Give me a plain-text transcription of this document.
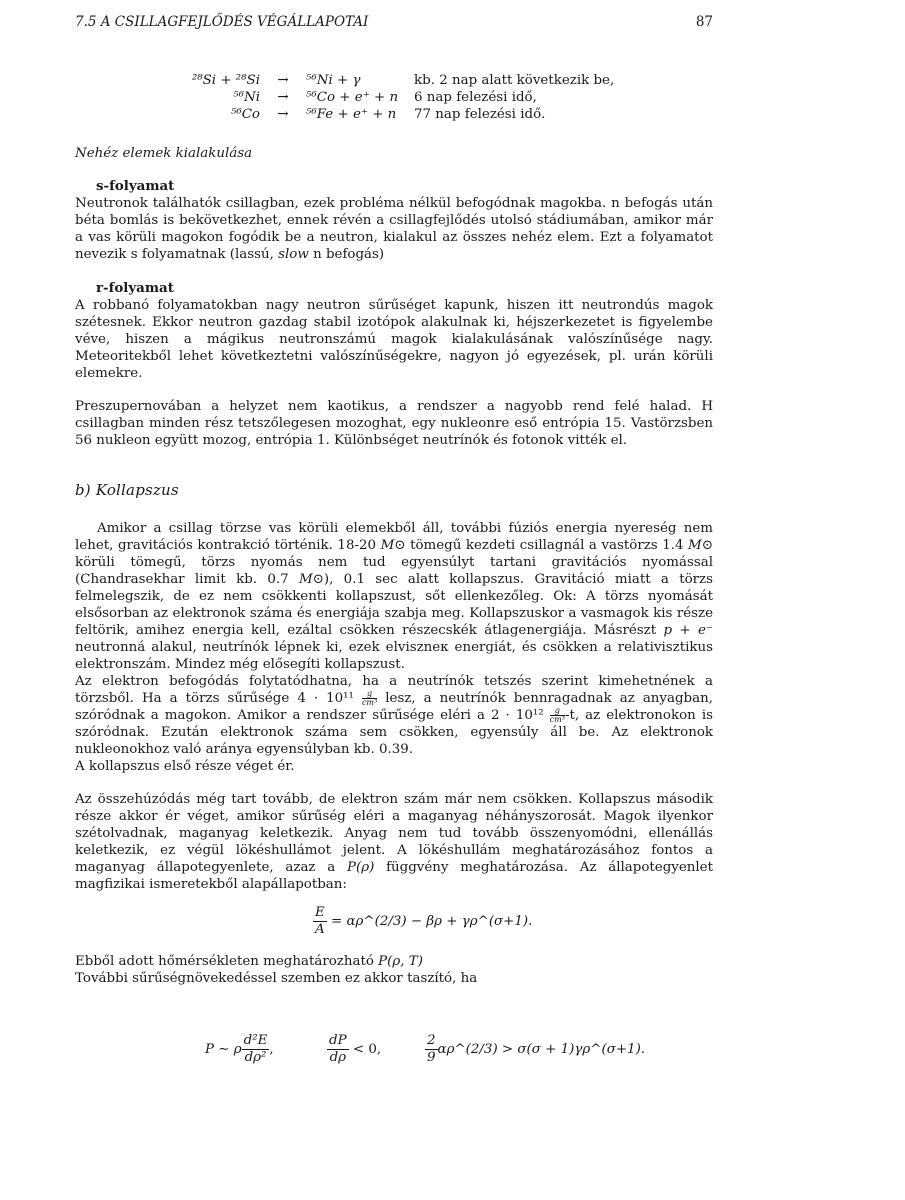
7.5 A CSILLAGFEJLŐDÉS VÉGÁLLAPOTAI	87
²⁸Si + ²⁸Si	→	⁵⁶Ni + γ	kb. 2 nap alatt következik be,
⁵⁶Ni	→	⁵⁶Co + e⁺ + n	6 nap felezési idő,
⁵⁶Co	→	⁵⁶Fe + e⁺ + n	77 nap felezési idő.
Nehéz elemek kialakulása
s-folyamat

Neutronok találhatók csillagban, ezek probléma nélkül befogódnak magokba. n befogás után béta bomlás is bekövetkezhet, ennek révén a csillagfejlődés utolsó stádiumában, amikor már a vas körüli magokon fogódik be a neutron, kialakul az összes nehéz elem. Ezt a folyamatot nevezik s folyamatnak (lassú, slow n befogás)

r-folyamat

A robbanó folyamatokban nagy neutron sűrűséget kapunk, hiszen itt neutrondús magok szétesnek. Ekkor neutron gazdag stabil izotópok alakulnak ki, héjszerkezetet is figyelembe véve, hiszen a mágikus neutronszámú magok kialakulásának valószínűsége nagy. Meteoritekből lehet következtetni valószínűségekre, nagyon jó egyezések, pl. urán körüli elemekre.

Preszupernovában a helyzet nem kaotikus, a rendszer a nagyobb rend felé halad. H csillagban minden rész tetszőlegesen mozoghat, egy nukleonre eső entrópia 15. Vastörzsben 56 nukleon együtt mozog, entrópia 1. Különbséget neutrínók és fotonok vitték el.

b) Kollapszus

Amikor a csillag törzse vas körüli elemekből áll, további fúziós energia nyereség nem lehet, gravitációs kontrakció történik. 18-20 M⊙ tömegű kezdeti csillagnál a vastörzs 1.4 M⊙ körüli tömegű, törzs nyomás nem tud egyensúlyt tartani gravitációs nyomással (Chandrasekhar limit kb. 0.7 M⊙), 0.1 sec alatt kollapszus. Gravitáció miatt a törzs felmelegszik, de ez nem csökkenti kollapszust, sőt ellenkezőleg. Ok: A törzs nyomását elsősorban az elektronok száma és energiája szabja meg. Kollapszuskor a vasmagok kis része feltörik, amihez energia kell, ezáltal csökken részecskék átlagenergiája. Másrészt p + e⁻ neutronná alakul, neutrínók lépnek ki, ezek elviszneк energiát, és csökken a relativisztikus elektronszám. Mindez még elősegíti kollapszust.

Az elektron befogódás folytatódhatna, ha a neutrínók tetszés szerint kimehetnének a törzsből. Ha a törzs sűrűsége $4 \cdot 10^{11} \frac{g}{\text{cm³}}$ lesz, a neutrínók bennragadnak az anyagban, szóródnak a magokon. Amikor a rendszer sűrűsége eléri a $2 \cdot 10^{12} \frac{g}{\text{cm³}} -t$, az elektronokon is szóródnak. Ezután elektronok száma sem csökken, egyensúly áll be. Az elektronok nukleonokhoz való aránya egyensúlyban kb. 0.39.

A kollapszus első része véget ér.

Az összehúzódás még tart tovább, de elektron szám már nem csökken. Kollapszus második része akkor ér véget, amikor sűrűség eléri a maganyag néhányszorosát. Magok ilyenkor szétolvadnak, maganyag keletkezik. Anyag nem tud tovább összenyomódni, ellenállás keletkezik, ez végül lökéshullámot jelent. A lökéshullám meghatározásához fontos a maganyag állapotegyenlete, azaz a P(ρ) függvény meghatározása. Az állapotegyenlet magfizikai ismeretekből alapállapotban:

$\frac{E}{A}$ = αρ^(2/3) − βρ + γρ^(σ+1).

Ebből adott hőmérsékleten meghatározható P(ρ, T)

További sűrűségnövekedéssel szemben ez akkor taszító, ha

P ∼ ρ $\frac{\text{d²E}}{\text{dρ²}}$ ,	$\frac{dP}{d\rho} < 0$,	$\frac{2}{9}$ αρ^(2/3) > σ(σ + 1)γρ^(σ+1).
